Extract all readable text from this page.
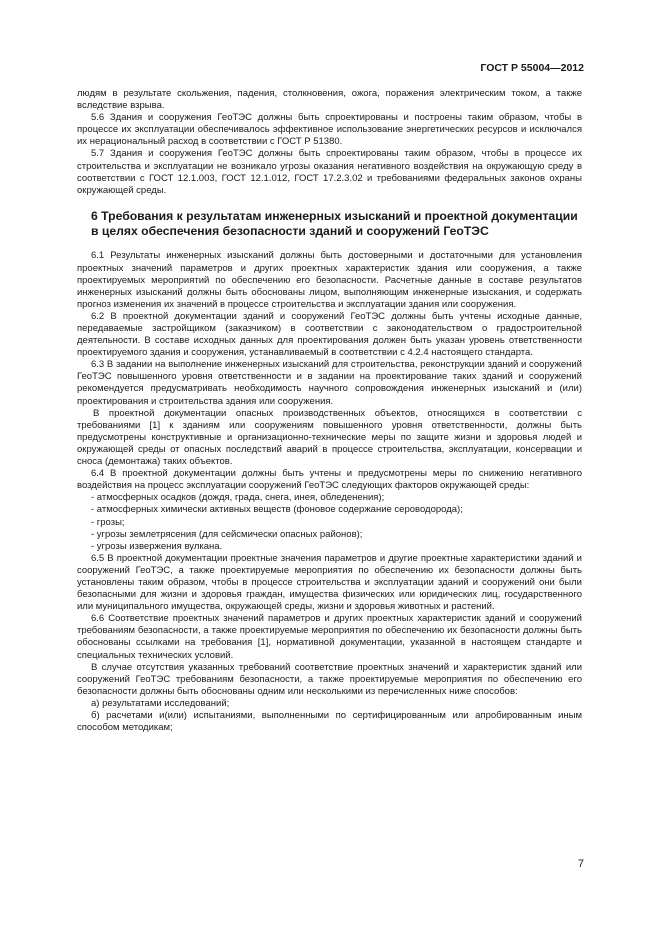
ГОСТ Р 55004—2012

людям в результате скольжения, падения, столкновения, ожога, поражения электрическим током, а также вследствие взрыва.

5.6 Здания и сооружения ГеоТЭС должны быть спроектированы и построены таким образом, чтобы в процессе их эксплуатации обеспечивалось эффективное использование энергетических ресурсов и исключался их нерациональный расход в соответствии с ГОСТ Р 51380.

5.7 Здания и сооружения ГеоТЭС должны быть спроектированы таким образом, чтобы в процессе их строительства и эксплуатации не возникало угрозы оказания негативного воздействия на окружающую среду в соответствии с ГОСТ 12.1.003, ГОСТ 12.1.012, ГОСТ 17.2.3.02 и требованиями федеральных законов охраны окружающей среды.

6 Требования к результатам инженерных изысканий и проектной документации в целях обеспечения безопасности зданий и сооружений ГеоТЭС

6.1 Результаты инженерных изысканий должны быть достоверными и достаточными для установления проектных значений параметров и других проектных характеристик здания или сооружения, а также проектируемых мероприятий по обеспечению его безопасности. Расчетные данные в составе результатов инженерных изысканий должны быть обоснованы лицом, выполняющим инженерные изыскания, и содержать прогноз изменения их значений в процессе строительства и эксплуатации здания или сооружения.

6.2 В проектной документации зданий и сооружений ГеоТЭС должны быть учтены исходные данные, передаваемые застройщиком (заказчиком) в соответствии с законодательством о градостроительной деятельности. В составе исходных данных для проектирования должен быть указан уровень ответственности проектируемого здания и сооружения, устанавливаемый в соответствии с 4.2.4 настоящего стандарта.

6.3 В задании на выполнение инженерных изысканий для строительства, реконструкции зданий и сооружений ГеоТЭС повышенного уровня ответственности и в задании на проектирование таких зданий и сооружений рекомендуется предусматривать необходимость научного сопровождения инженерных изысканий и (или) проектирования и строительства здания или сооружения.

В проектной документации опасных производственных объектов, относящихся в соответствии с требованиями [1] к зданиям или сооружениям повышенного уровня ответственности, должны быть предусмотрены конструктивные и организационно-технические меры по защите жизни и здоровья людей и окружающей среды от опасных последствий аварий в процессе строительства, эксплуатации, консервации и сноса (демонтажа) таких объектов.

6.4 В проектной документации должны быть учтены и предусмотрены меры по снижению негативного воздействия на процесс эксплуатации сооружений ГеоТЭС следующих факторов окружающей среды:

- атмосферных осадков (дождя, града, снега, инея, обледенения);

- атмосферных химически активных веществ (фоновое содержание сероводорода);

- грозы;

- угрозы землетрясения (для сейсмически опасных районов);

- угрозы извержения вулкана.

6.5 В проектной документации проектные значения параметров и другие проектные характеристики зданий и сооружений ГеоТЭС, а также проектируемые мероприятия по обеспечению их безопасности должны быть установлены таким образом, чтобы в процессе строительства и эксплуатации зданий и сооружений они были безопасными для жизни и здоровья граждан, имущества физических или юридических лиц, государственного или муниципального имущества, окружающей среды, жизни и здоровья животных и растений.

6.6 Соответствие проектных значений параметров и других проектных характеристик зданий и сооружений требованиям безопасности, а также проектируемые мероприятия по обеспечению их безопасности должны быть обоснованы ссылками на требования [1], нормативной документации, указанной в настоящем стандарте и специальных технических условий.

В случае отсутствия указанных требований соответствие проектных значений и характеристик зданий или сооружений ГеоТЭС требованиям безопасности, а также проектируемые мероприятия по обеспечению его безопасности должны быть обоснованы одним или несколькими из перечисленных ниже способов:

а) результатами исследований;

б) расчетами и(или) испытаниями, выполненными по сертифицированным или апробированным иным способом методикам;

7
